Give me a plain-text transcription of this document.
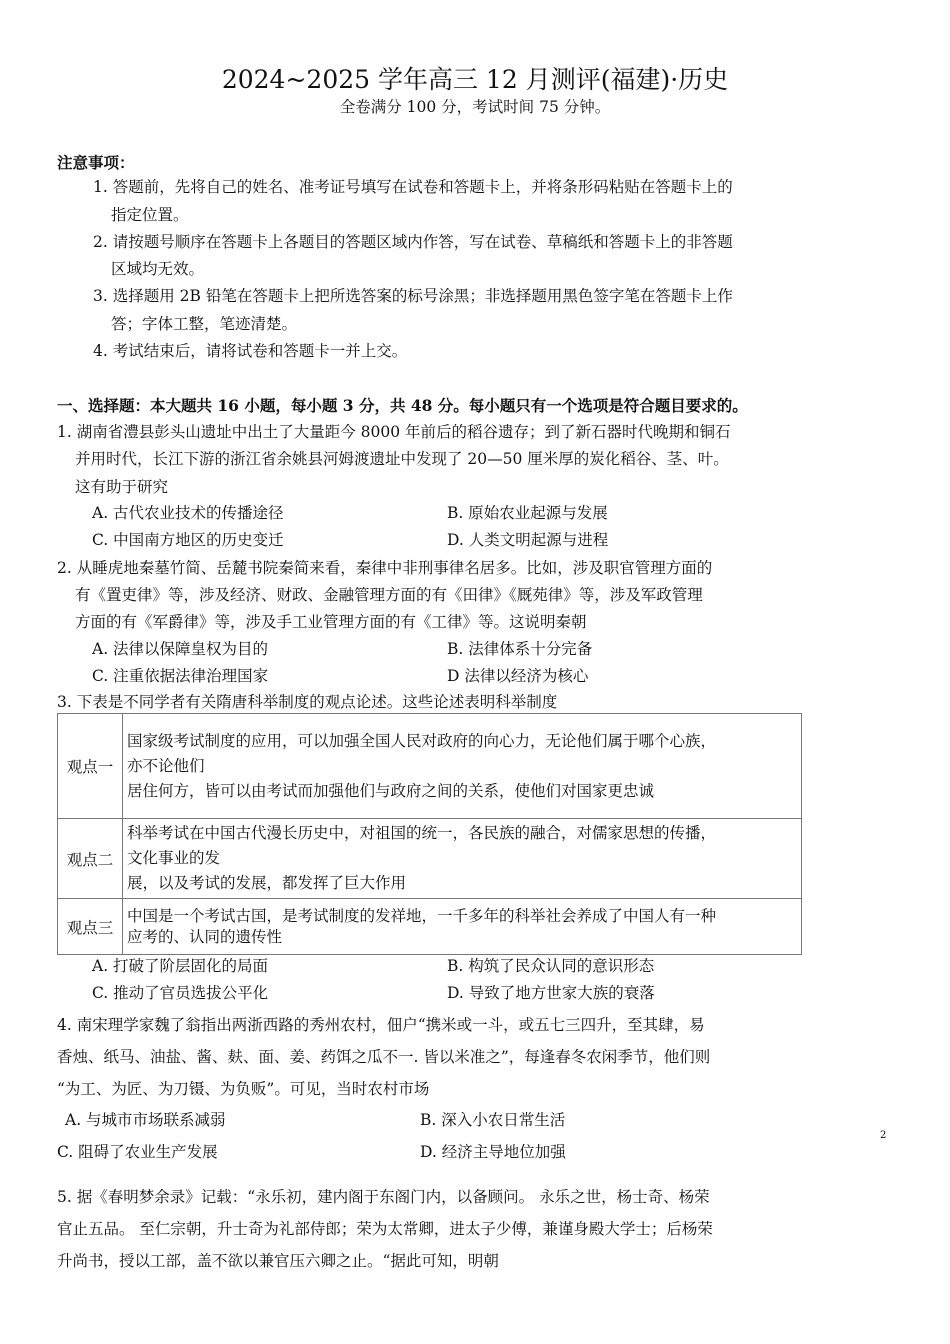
2024~2025 学年高三 12 月测评(福建)·历史
全卷满分 100 分，考试时间 75 分钟。
注意事项：
1. 答题前，先将自己的姓名、准考证号填写在试卷和答题卡上，并将条形码粘贴在答题卡上的
指定位置。
2. 请按题号顺序在答题卡上各题目的答题区域内作答，写在试卷、草稿纸和答题卡上的非答题
区域均无效。
3. 选择题用 2B 铅笔在答题卡上把所选答案的标号涂黑；非选择题用黑色签字笔在答题卡上作
答；字体工整，笔迹清楚。
4. 考试结束后，请将试卷和答题卡一并上交。
一、选择题：本大题共 16 小题，每小题 3 分，共 48 分。每小题只有一个选项是符合题目要求的。
1. 湖南省澧县彭头山遗址中出土了大量距今 8000 年前后的稻谷遗存；到了新石器时代晚期和铜石
并用时代，长江下游的浙江省余姚县河姆渡遗址中发现了 20—50 厘米厚的炭化稻谷、茎、叶。
这有助于研究
A. 古代农业技术的传播途径	B. 原始农业起源与发展
C. 中国南方地区的历史变迁	D. 人类文明起源与进程
2. 从睡虎地秦墓竹简、岳麓书院秦简来看，秦律中非刑事律名居多。比如，涉及职官管理方面的
有《置吏律》等，涉及经济、财政、金融管理方面的有《田律》《厩苑律》等，涉及军政管理
方面的有《军爵律》等，涉及手工业管理方面的有《工律》等。这说明秦朝
A. 法律以保障皇权为目的	B. 法律体系十分完备
C. 注重依据法律治理国家	D 法律以经济为核心
3. 下表是不同学者有关隋唐科举制度的观点论述。这些论述表明科举制度
观点一	国家级考试制度的应用，可以加强全国人民对政府的向心力，无论他们属于哪个心族，
亦不论他们
居住何方，皆可以由考试而加强他们与政府之间的关系，使他们对国家更忠诚

观点二	科举考试在中国古代漫长历史中，对祖国的统一，各民族的融合，对儒家思想的传播，
文化事业的发
展，以及考试的发展，都发挥了巨大作用

观点三	中国是一个考试古国，是考试制度的发祥地，一千多年的科举社会养成了中国人有一种
应考的、认同的遗传性
A. 打破了阶层固化的局面	B. 构筑了民众认同的意识形态
C. 推动了官员选拔公平化	D. 导致了地方世家大族的衰落
4. 南宋理学家魏了翁指出两浙西路的秀州农村，佃户“携米或一斗，或五七三四升，至其肆，易
香烛、纸马、油盐、酱、麸、面、姜、药饵之瓜不一. 皆以米准之”，每逢春冬农闲季节，他们则
“为工、为匠、为刀镊、为负贩”。可见，当时农村市场
A. 与城市市场联系减弱	B. 深入小农日常生活
C. 阻碍了农业生产发展	D. 经济主导地位加强
2
5. 据《春明梦余录》记载：“永乐初，建内阁于东阁门内，以备顾问。 永乐之世，杨士奇、杨荣
官止五品。 至仁宗朝，升士奇为礼部侍郎；荣为太常卿，进太子少傅，兼谨身殿大学士；后杨荣
升尚书，授以工部，盖不欲以兼官压六卿之止。“据此可知，明朝
